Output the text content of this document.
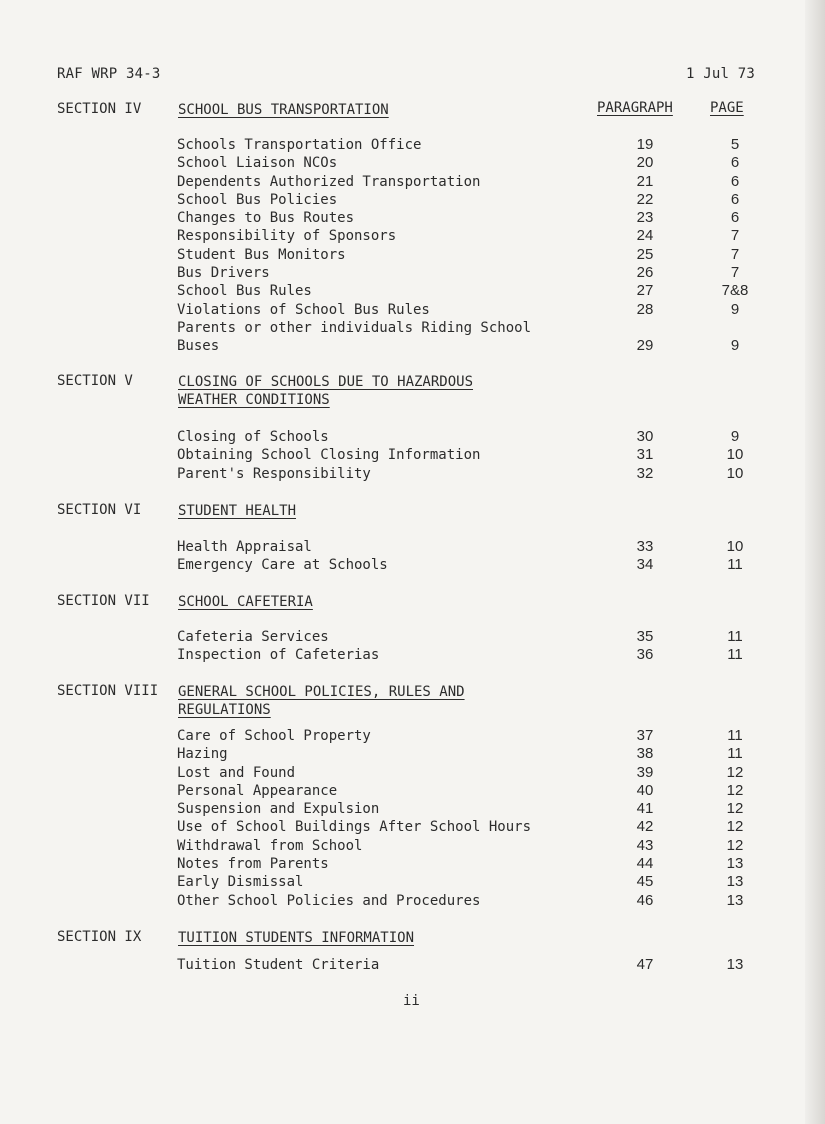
RAF WRP 34-3	1 Jul 73
SECTION IV	SCHOOL BUS TRANSPORTATION	PARAGRAPH	PAGE
Schools Transportation Office	19	5
School Liaison NCOs	20	6
Dependents Authorized Transportation	21	6
School Bus Policies	22	6
Changes to Bus Routes	23	6
Responsibility of Sponsors	24	7
Student Bus Monitors	25	7
Bus Drivers	26	7
School Bus Rules	27	7&8
Violations of School Bus Rules	28	9
Parents or other individuals Riding School Buses	29	9
SECTION V	CLOSING OF SCHOOLS DUE TO HAZARDOUS
WEATHER CONDITIONS
Closing of Schools	30	9
Obtaining School Closing Information	31	10
Parent's Responsibility	32	10
SECTION VI	STUDENT HEALTH
Health Appraisal	33	10
Emergency Care at Schools	34	11
SECTION VII SCHOOL CAFETERIA
Cafeteria Services	35	11
Inspection of Cafeterias	36	11
SECTION VIII GENERAL SCHOOL POLICIES, RULES AND
REGULATIONS
Care of School Property	37	11
Hazing	38	11
Lost and Found	39	12
Personal Appearance	40	12
Suspension and Expulsion	41	12
Use of School Buildings After School Hours	42	12
Withdrawal from School	43	12
Notes from Parents	44	13
Early Dismissal	45	13
Other School Policies and Procedures	46	13
SECTION IX	TUITION STUDENTS INFORMATION
Tuition Student Criteria	47	13
ii
